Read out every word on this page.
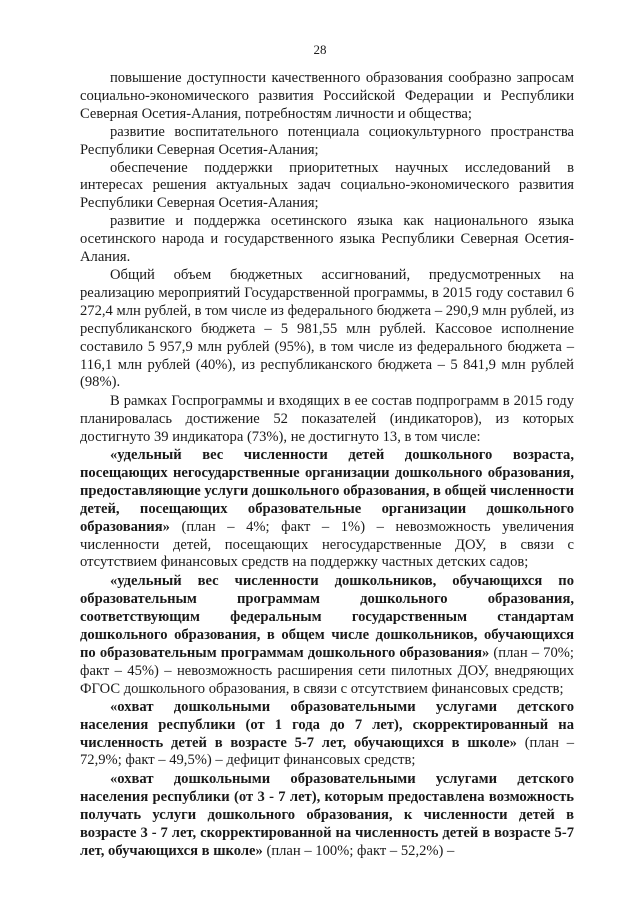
28

повышение доступности качественного образования сообразно запросам социально-экономического развития Российской Федерации и Республики Северная Осетия-Алания, потребностям личности и общества;

развитие воспитательного потенциала социокультурного пространства Республики Северная Осетия-Алания;

обеспечение поддержки приоритетных научных исследований в интересах решения актуальных задач социально-экономического развития Республики Северная Осетия-Алания;

развитие и поддержка осетинского языка как национального языка осетинского народа и государственного языка Республики Северная Осетия-Алания.

Общий объем бюджетных ассигнований, предусмотренных на реализацию мероприятий Государственной программы, в 2015 году составил 6 272,4 млн рублей, в том числе из федерального бюджета – 290,9 млн рублей, из республиканского бюджета – 5 981,55 млн рублей. Кассовое исполнение составило 5 957,9 млн рублей (95%), в том числе из федерального бюджета – 116,1 млн рублей (40%), из республиканского бюджета – 5 841,9 млн рублей (98%).

В рамках Госпрограммы и входящих в ее состав подпрограмм в 2015 году планировалась достижение 52 показателей (индикаторов), из которых достигнуто 39 индикатора (73%), не достигнуто 13, в том числе:

«удельный вес численности детей дошкольного возраста, посещающих негосударственные организации дошкольного образования, предоставляющие услуги дошкольного образования, в общей численности детей, посещающих образовательные организации дошкольного образования» (план – 4%; факт – 1%) – невозможность увеличения численности детей, посещающих негосударственные ДОУ, в связи с отсутствием финансовых средств на поддержку частных детских садов;

«удельный вес численности дошкольников, обучающихся по образовательным программам дошкольного образования, соответствующим федеральным государственным стандартам дошкольного образования, в общем числе дошкольников, обучающихся по образовательным программам дошкольного образования» (план – 70%; факт – 45%) – невозможность расширения сети пилотных ДОУ, внедряющих ФГОС дошкольного образования, в связи с отсутствием финансовых средств;

«охват дошкольными образовательными услугами детского населения республики (от 1 года до 7 лет), скорректированный на численность детей в возрасте 5-7 лет, обучающихся в школе» (план – 72,9%; факт – 49,5%) – дефицит финансовых средств;

«охват дошкольными образовательными услугами детского населения республики (от 3 - 7 лет), которым предоставлена возможность получать услуги дошкольного образования, к численности детей в возрасте 3 - 7 лет, скорректированной на численность детей в возрасте 5-7 лет, обучающихся в школе» (план – 100%; факт – 52,2%) –
